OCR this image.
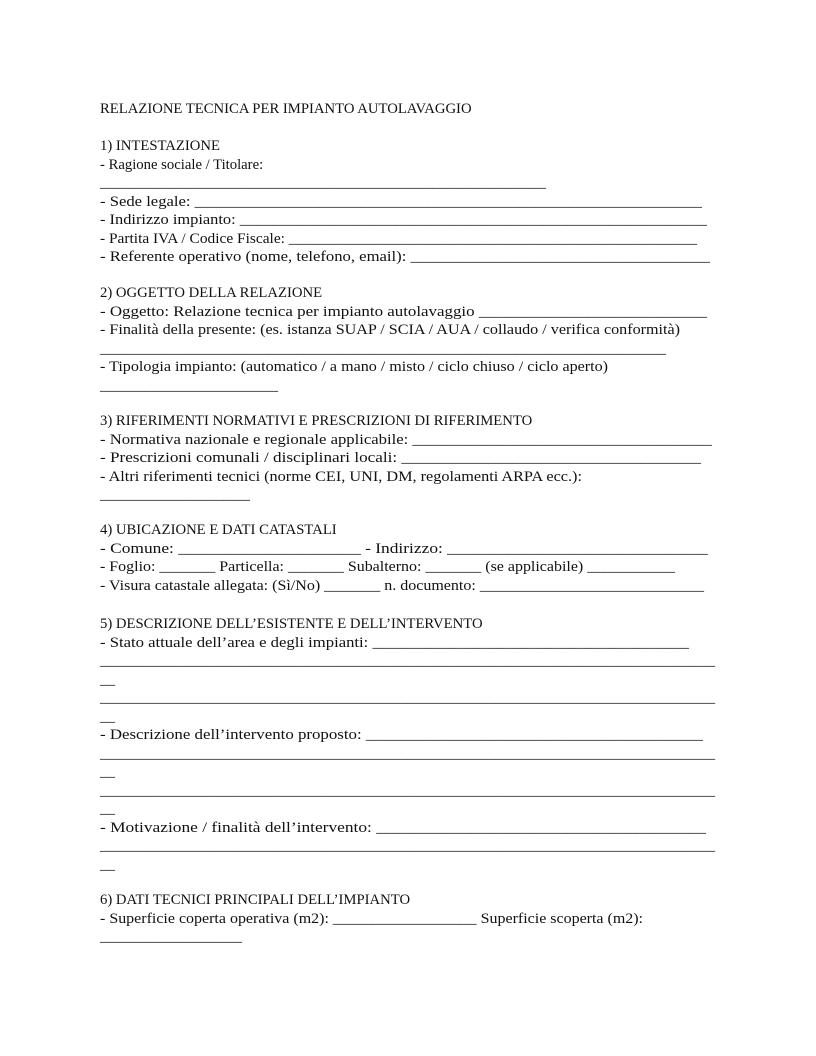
RELAZIONE TECNICA PER IMPIANTO AUTOLAVAGGIO
1) INTESTAZIONE
- Ragione sociale / Titolare:
___________________________________________________
- Sede legale: _____________________________________________________________
- Indirizzo impianto: _________________________________________________________
- Partita IVA / Codice Fiscale: _____________________________________________________
- Referente operativo (nome, telefono, email): ____________________________________
2) OGGETTO DELLA RELAZIONE
- Oggetto: Relazione tecnica per impianto autolavaggio ___________________________
- Finalità della presente: (es. istanza SUAP / SCIA / AUA / collaudo / verifica conformità)
________________________________________________________________
- Tipologia impianto: (automatico / a mano / misto / ciclo chiuso / ciclo aperto)
____________________
3) RIFERIMENTI NORMATIVI E PRESCRIZIONI DI RIFERIMENTO
- Normativa nazionale e regionale applicabile: ____________________________________
- Prescrizioni comunali / disciplinari locali: ___________________________________
- Altri riferimenti tecnici (norme CEI, UNI, DM, regolamenti ARPA ecc.):
_________________
4) UBICAZIONE E DATI CATASTALI
- Comune: _____________________ - Indirizzo: ______________________________
- Foglio: _______ Particella: _______ Subalterno: _______ (se applicabile) ___________
- Visura catastale allegata: (Sì/No) _______ n. documento: ____________________________
5) DESCRIZIONE DELL’ESISTENTE E DELL’INTERVENTO
- Stato attuale dell’area e degli impianti: ______________________________________
______________________________________________________________________
__
______________________________________________________________________
__
- Descrizione dell’intervento proposto: ________________________________________
______________________________________________________________________
__
______________________________________________________________________
__
- Motivazione / finalità dell’intervento: ______________________________________
______________________________________________________________________
__
6) DATI TECNICI PRINCIPALI DELL’IMPIANTO
- Superficie coperta operativa (m2): __________________ Superficie scoperta (m2):
________________
